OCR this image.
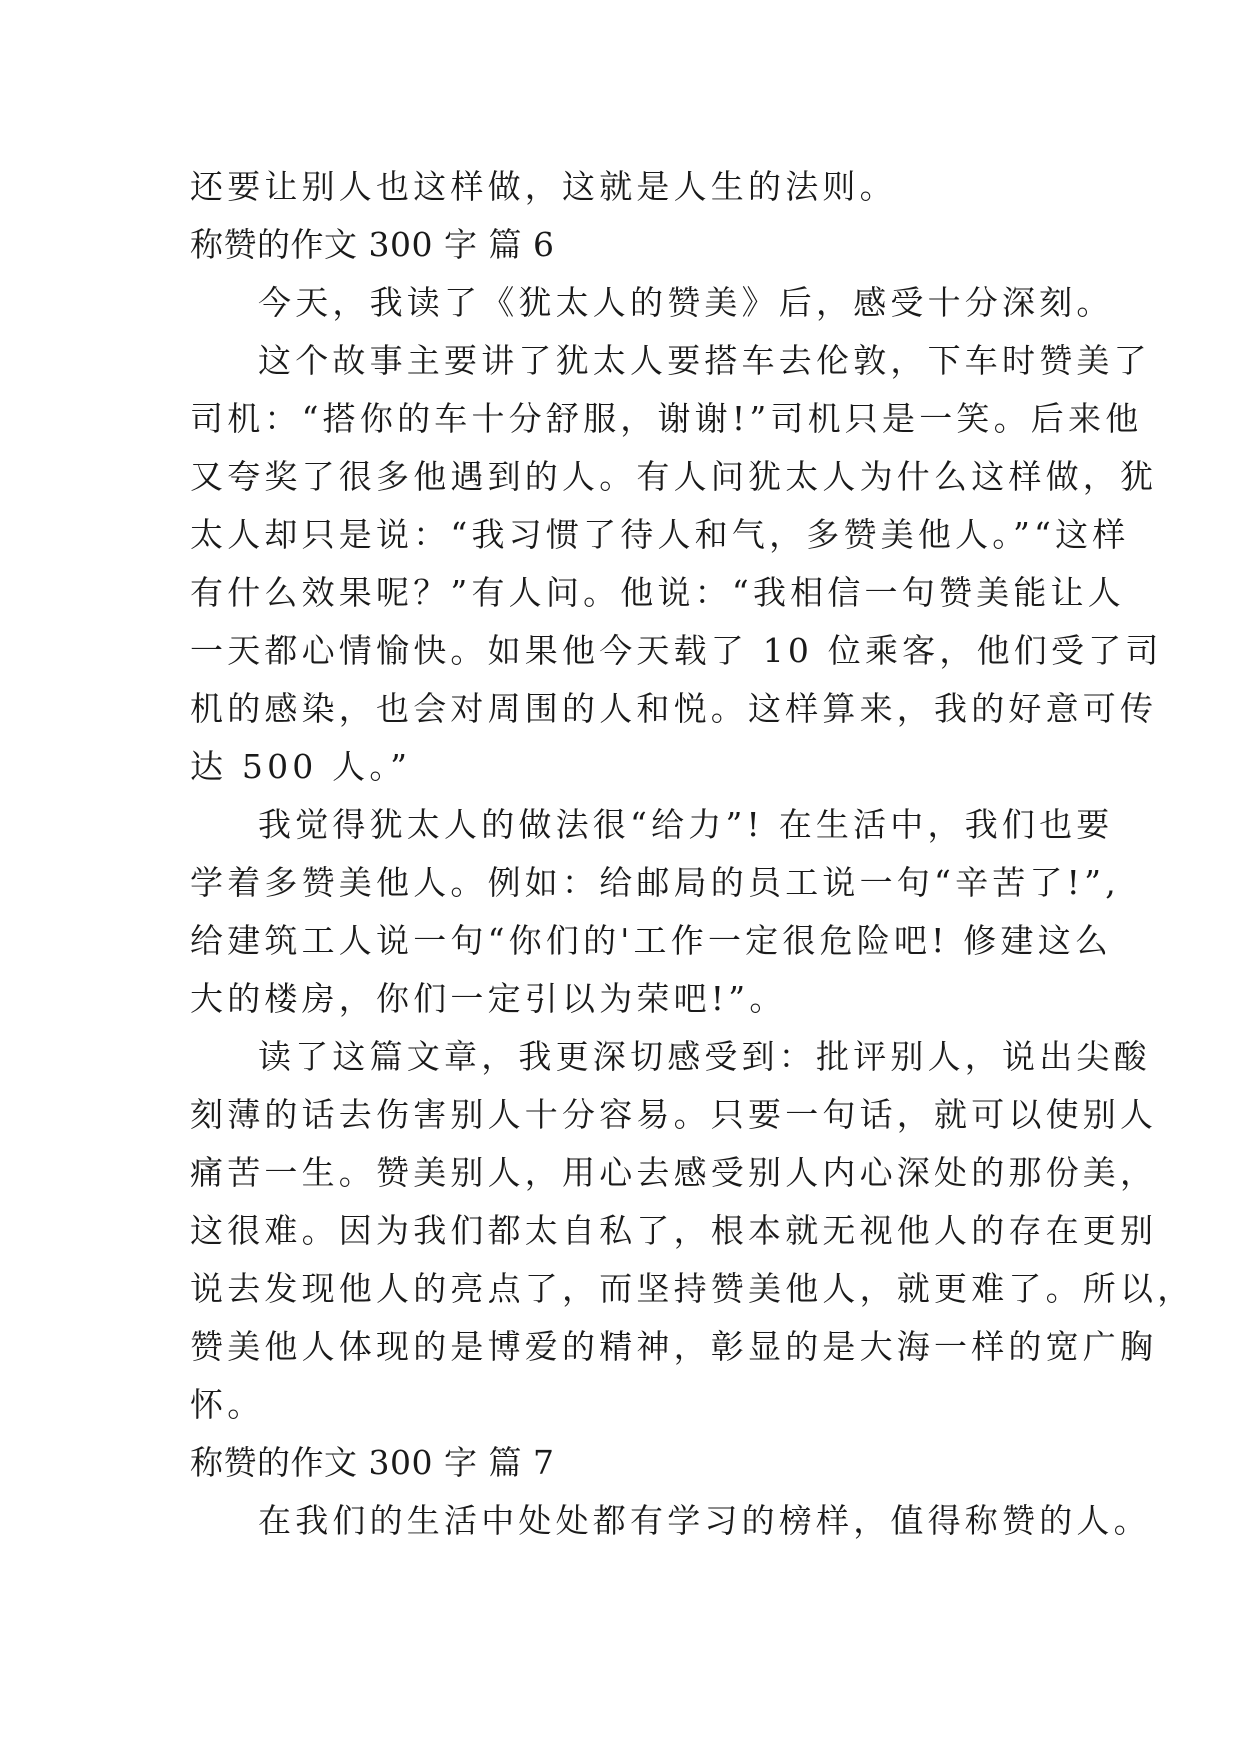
还要让别人也这样做，这就是人生的法则。
称赞的作文 300 字 篇 6
今天，我读了《犹太人的赞美》后，感受十分深刻。
这个故事主要讲了犹太人要搭车去伦敦，下车时赞美了
司机：“搭你的车十分舒服，谢谢!”司机只是一笑。后来他
又夸奖了很多他遇到的人。有人问犹太人为什么这样做，犹
太人却只是说：“我习惯了待人和气，多赞美他人。”“这样
有什么效果呢？”有人问。他说：“我相信一句赞美能让人
一天都心情愉快。如果他今天载了 10 位乘客，他们受了司
机的感染，也会对周围的人和悦。这样算来，我的好意可传
达 500 人。”
我觉得犹太人的做法很“给力”! 在生活中，我们也要
学着多赞美他人。例如：给邮局的员工说一句“辛苦了!”,
给建筑工人说一句“你们的'工作一定很危险吧! 修建这么
大的楼房，你们一定引以为荣吧!”。
读了这篇文章，我更深切感受到：批评别人，说出尖酸
刻薄的话去伤害别人十分容易。只要一句话，就可以使别人
痛苦一生。赞美别人，用心去感受别人内心深处的那份美，
这很难。因为我们都太自私了，根本就无视他人的存在更别
说去发现他人的亮点了，而坚持赞美他人，就更难了。所以，
赞美他人体现的是博爱的精神，彰显的是大海一样的宽广胸
怀。
称赞的作文 300 字 篇 7
在我们的生活中处处都有学习的榜样，值得称赞的人。
